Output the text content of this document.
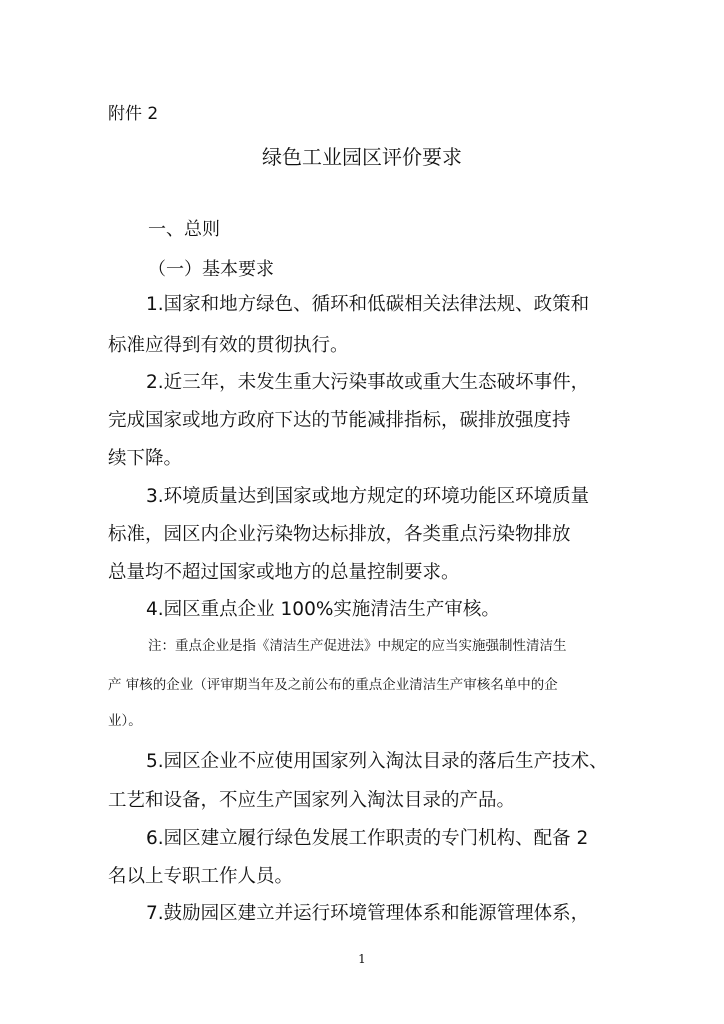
附件 2
绿色工业园区评价要求
一、总则
（一）基本要求
1.国家和地方绿色、循环和低碳相关法律法规、政策和
标准应得到有效的贯彻执行。
2.近三年，未发生重大污染事故或重大生态破坏事件，
完成国家或地方政府下达的节能减排指标，碳排放强度持
续下降。
3.环境质量达到国家或地方规定的环境功能区环境质量
标准，园区内企业污染物达标排放，各类重点污染物排放
总量均不超过国家或地方的总量控制要求。
4.园区重点企业 100%实施清洁生产审核。
注：重点企业是指《清洁生产促进法》中规定的应当实施强制性清洁生
产 审核的企业（评审期当年及之前公布的重点企业清洁生产审核名单中的企
业）。
5.园区企业不应使用国家列入淘汰目录的落后生产技术、
工艺和设备，不应生产国家列入淘汰目录的产品。
6.园区建立履行绿色发展工作职责的专门机构、配备 2
名以上专职工作人员。
7.鼓励园区建立并运行环境管理体系和能源管理体系，
1
